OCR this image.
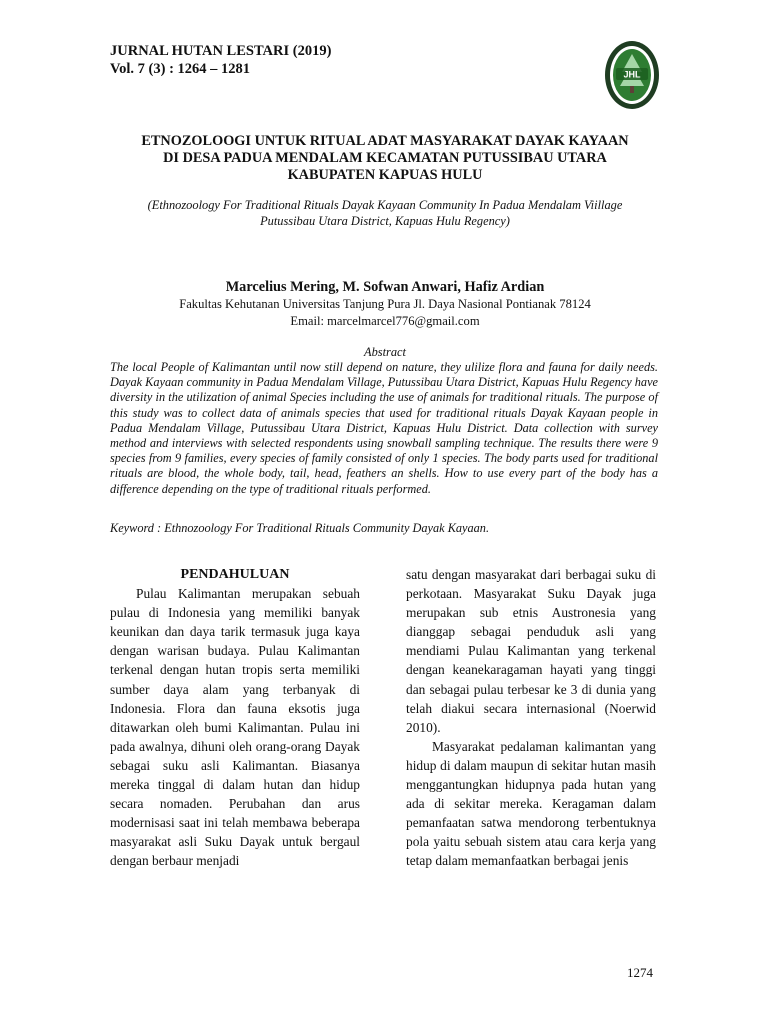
JURNAL HUTAN LESTARI (2019)
Vol. 7 (3) : 1264 – 1281	JHL
ETNOZOLOOGI UNTUK RITUAL ADAT MASYARAKAT DAYAK KAYAAN
DI DESA PADUA MENDALAM KECAMATAN PUTUSSIBAU UTARA
KABUPATEN KAPUAS HULU
(Ethnozoology For Traditional Rituals Dayak Kayaan Community In Padua Mendalam Viillage
Putussibau Utara District, Kapuas Hulu Regency)
Marcelius Mering, M. Sofwan Anwari, Hafiz Ardian
Fakultas Kehutanan Universitas Tanjung Pura Jl. Daya Nasional Pontianak 78124
Email: marcelmarcel776@gmail.com
Abstract

The local People of Kalimantan until now still depend on nature, they ulilize flora and fauna for daily needs. Dayak Kayaan community in Padua Mendalam Village, Putussibau Utara District, Kapuas Hulu Regency have diversity in the utilization of animal Species including the use of animals for traditional rituals. The purpose of this study was to collect data of animals species that used for traditional rituals Dayak Kayaan people in Padua Mendalam Village, Putussibau Utara District, Kapuas Hulu District. Data collection with survey method and interviews with selected respondents using snowball sampling technique. The results there were 9 species from 9 families, every species of family consisted of only 1 species. The body parts used for traditional rituals are blood, the whole body, tail, head, feathers an shells. How to use every part of the body has a difference depending on the type of traditional rituals performed.

Keyword : Ethnozoology For Traditional Rituals Community Dayak Kayaan.
PENDAHULUAN

Pulau Kalimantan merupakan sebuah pulau di Indonesia yang memiliki banyak keunikan dan daya tarik termasuk juga kaya dengan warisan budaya. Pulau Kalimantan terkenal dengan hutan tropis serta memiliki sumber daya alam yang terbanyak di Indonesia. Flora dan fauna eksotis juga ditawarkan oleh bumi Kalimantan. Pulau ini pada awalnya, dihuni oleh orang-orang Dayak sebagai suku asli Kalimantan. Biasanya mereka tinggal di dalam hutan dan hidup secara nomaden. Perubahan dan arus modernisasi saat ini telah membawa beberapa masyarakat asli Suku Dayak untuk bergaul dengan berbaur menjadi

satu dengan masyarakat dari berbagai suku di perkotaan. Masyarakat Suku Dayak juga merupakan sub etnis Austronesia yang dianggap sebagai penduduk asli yang mendiami Pulau Kalimantan yang terkenal dengan keanekaragaman hayati yang tinggi dan sebagai pulau terbesar ke 3 di dunia yang telah diakui secara internasional (Noerwid 2010).

Masyarakat pedalaman kalimantan yang hidup di dalam maupun di sekitar hutan masih menggantungkan hidupnya pada hutan yang ada di sekitar mereka. Keragaman dalam pemanfaatan satwa mendorong terbentuknya pola yaitu sebuah sistem atau cara kerja yang tetap dalam memanfaatkan berbagai jenis

1274
